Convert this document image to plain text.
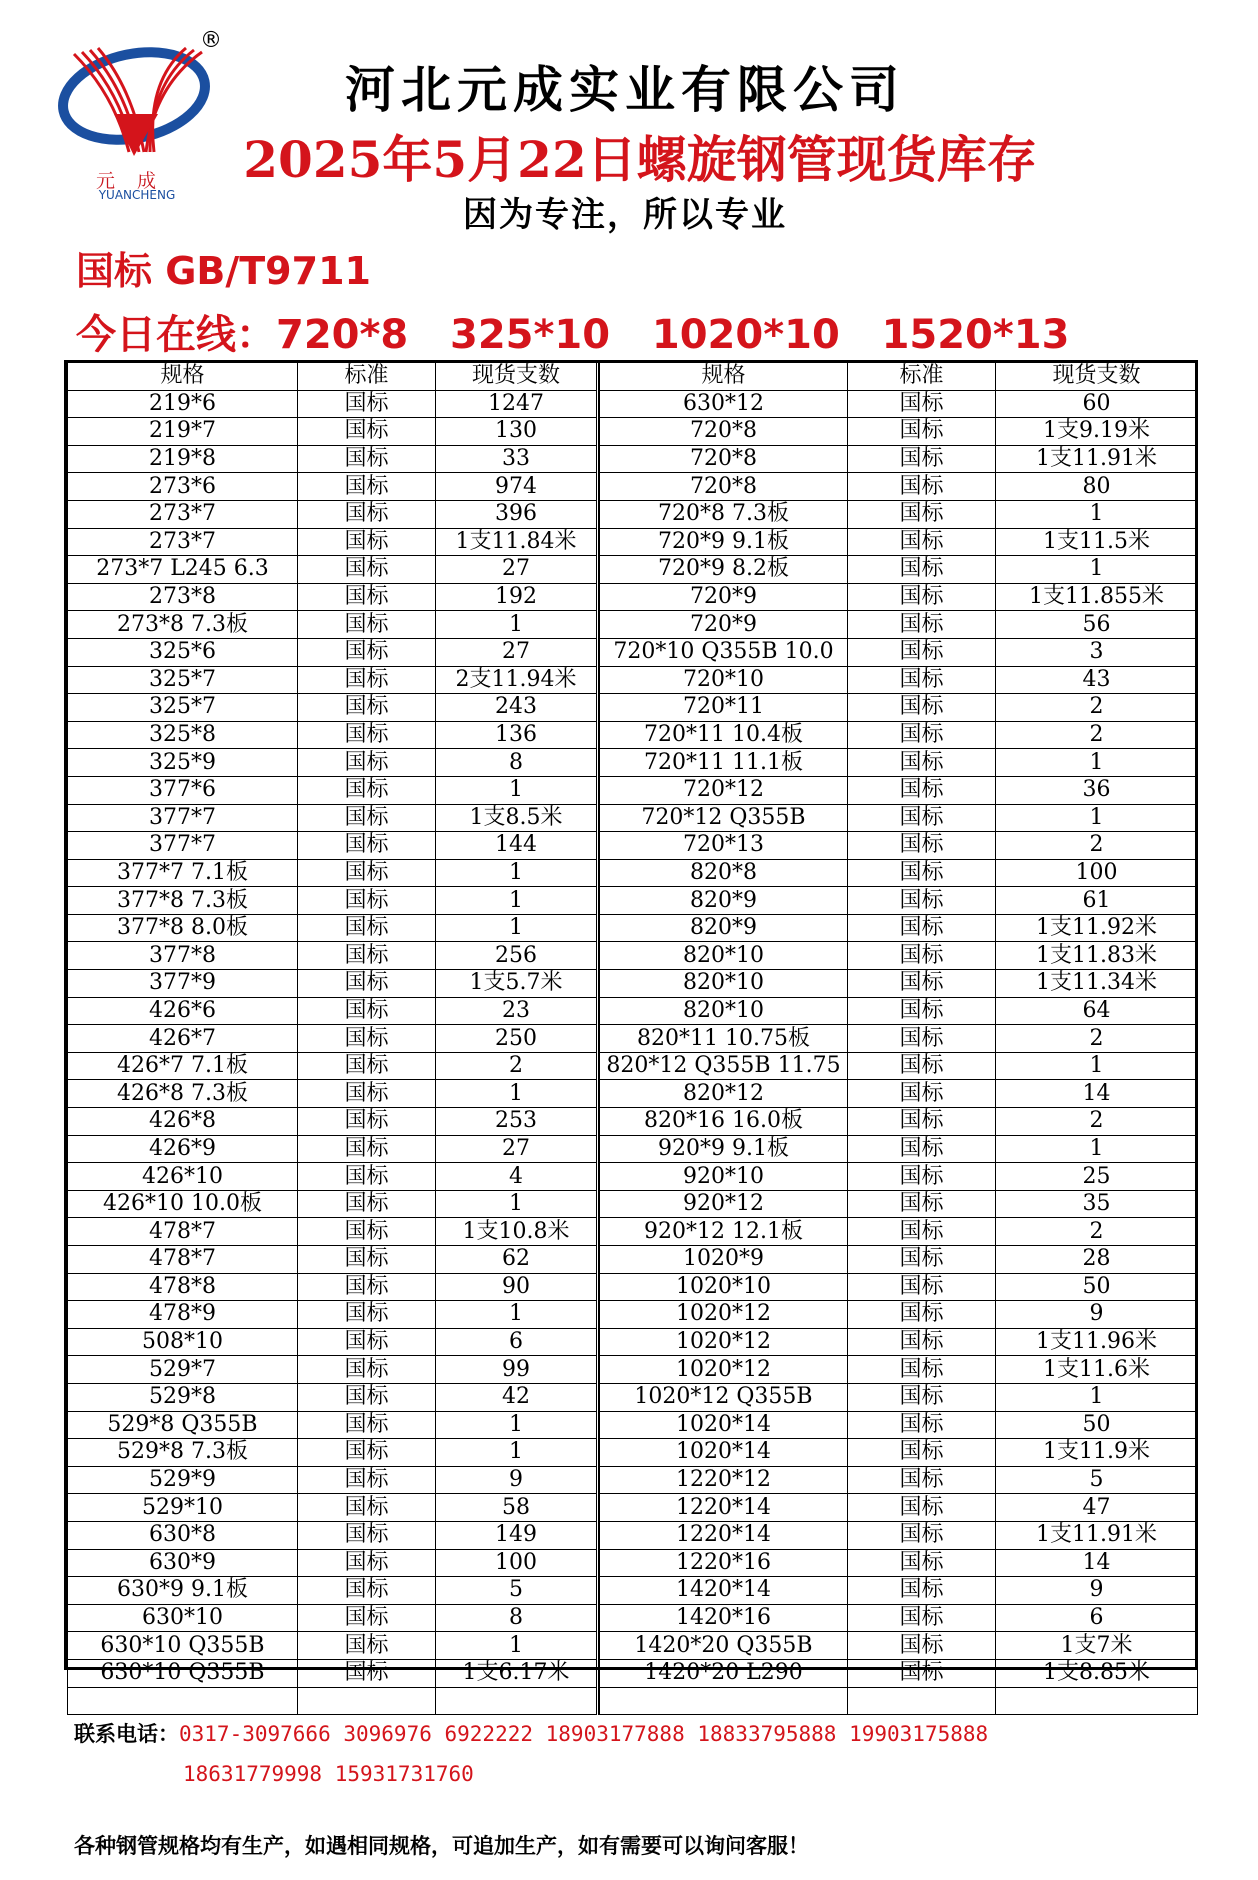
®
元成
YUANCHENG
河北元成实业有限公司
2025年5月22日螺旋钢管现货库存
因为专注，所以专业
国标 GB/T9711
今日在线：720*8   325*10   1020*10   1520*13
规格	标准	现货支数
219*6	国标	1247
219*7	国标	130
219*8	国标	33
273*6	国标	974
273*7	国标	396
273*7	国标	1支11.84米
273*7 L245 6.3	国标	27
273*8	国标	192
273*8 7.3板	国标	1
325*6	国标	27
325*7	国标	2支11.94米
325*7	国标	243
325*8	国标	136
325*9	国标	8
377*6	国标	1
377*7	国标	1支8.5米
377*7	国标	144
377*7 7.1板	国标	1
377*8 7.3板	国标	1
377*8 8.0板	国标	1
377*8	国标	256
377*9	国标	1支5.7米
426*6	国标	23
426*7	国标	250
426*7 7.1板	国标	2
426*8 7.3板	国标	1
426*8	国标	253
426*9	国标	27
426*10	国标	4
426*10 10.0板	国标	1
478*7	国标	1支10.8米
478*7	国标	62
478*8	国标	90
478*9	国标	1
508*10	国标	6
529*7	国标	99
529*8	国标	42
529*8 Q355B	国标	1
529*8 7.3板	国标	1
529*9	国标	9
529*10	国标	58
630*8	国标	149
630*9	国标	100
630*9 9.1板	国标	5
630*10	国标	8
630*10 Q355B	国标	1
630*10 Q355B	国标	1支6.17米

规格	标准	现货支数
630*12	国标	60
720*8	国标	1支9.19米
720*8	国标	1支11.91米
720*8	国标	80
720*8 7.3板	国标	1
720*9 9.1板	国标	1支11.5米
720*9 8.2板	国标	1
720*9	国标	1支11.855米
720*9	国标	56
720*10 Q355B 10.0	国标	3
720*10	国标	43
720*11	国标	2
720*11 10.4板	国标	2
720*11 11.1板	国标	1
720*12	国标	36
720*12 Q355B	国标	1
720*13	国标	2
820*8	国标	100
820*9	国标	61
820*9	国标	1支11.92米
820*10	国标	1支11.83米
820*10	国标	1支11.34米
820*10	国标	64
820*11 10.75板	国标	2
820*12 Q355B 11.75	国标	1
820*12	国标	14
820*16 16.0板	国标	2
920*9 9.1板	国标	1
920*10	国标	25
920*12	国标	35
920*12 12.1板	国标	2
1020*9	国标	28
1020*10	国标	50
1020*12	国标	9
1020*12	国标	1支11.96米
1020*12	国标	1支11.6米
1020*12 Q355B	国标	1
1020*14	国标	50
1020*14	国标	1支11.9米
1220*12	国标	5
1220*14	国标	47
1220*14	国标	1支11.91米
1220*16	国标	14
1420*14	国标	9
1420*16	国标	6
1420*20 Q355B	国标	1支7米
1420*20 L290	国标	1支8.85米

联系电话：0317-3097666 3096976 6922222 18903177888 18833795888 19903175888
18631779998 15931731760
各种钢管规格均有生产，如遇相同规格，可追加生产，如有需要可以询问客服！
